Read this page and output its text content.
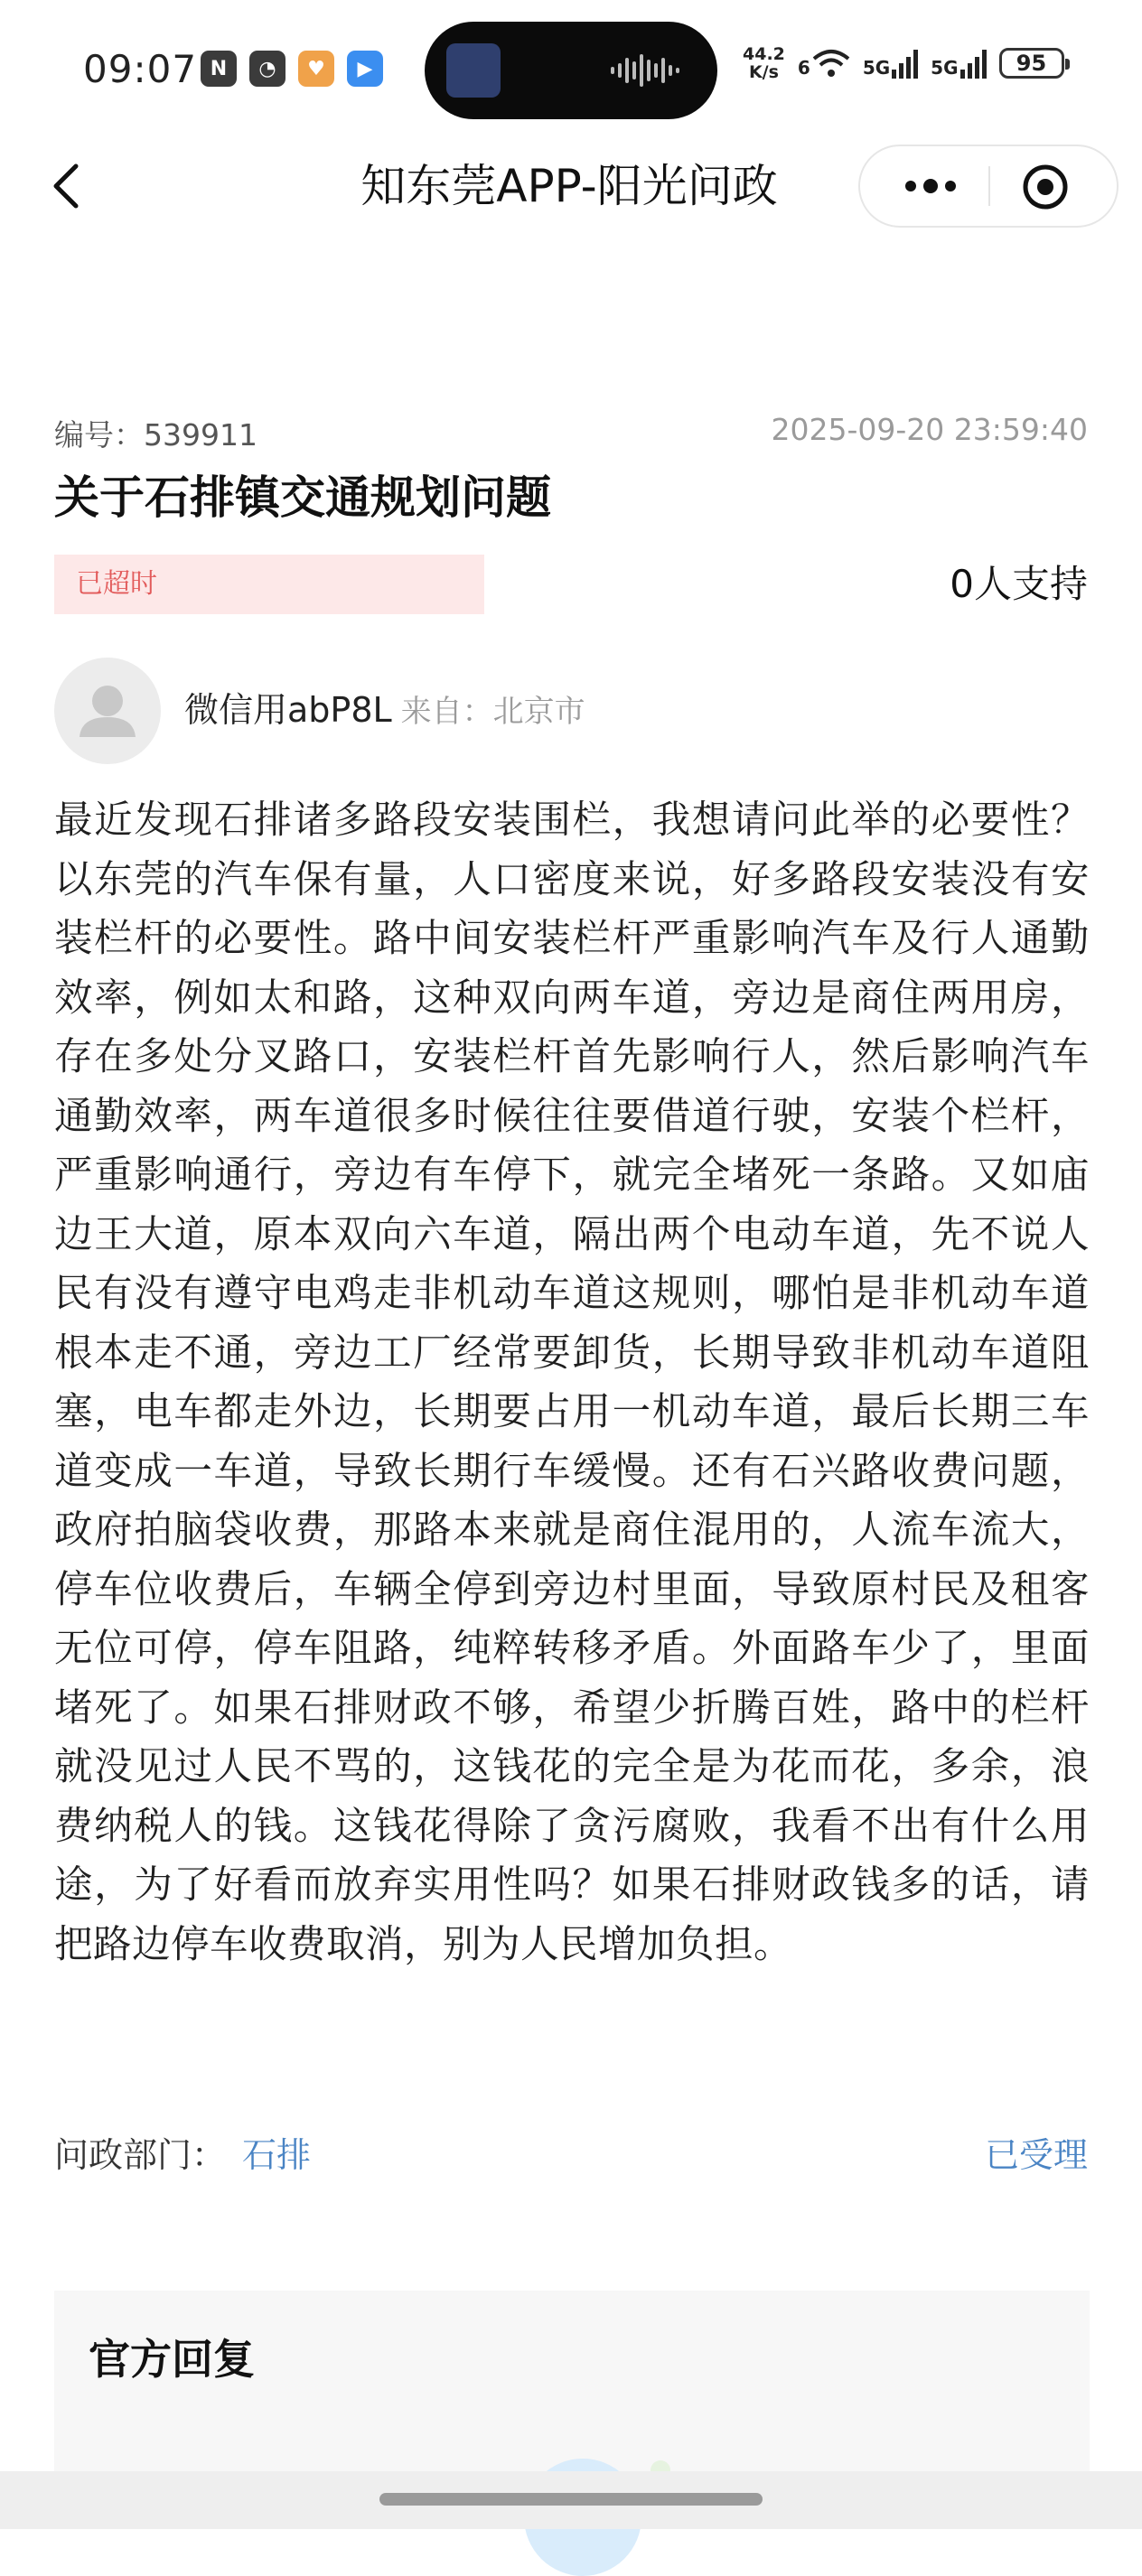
09:07 N	◔	♥	▶
44.2
K/s	6	5G 5G	95
知东莞APP-阳光问政
编号：539911	2025-09-20 23:59:40
关于石排镇交通规划问题
已超时	0人支持
微信用abP8L 来自：北京市
最近发现石排诸多路段安装围栏，我想请问此举的必要性？以东莞的汽车保有量，人口密度来说，好多路段安装没有安装栏杆的必要性。路中间安装栏杆严重影响汽车及行人通勤效率，例如太和路，这种双向两车道，旁边是商住两用房，存在多处分叉路口，安装栏杆首先影响行人，然后影响汽车通勤效率，两车道很多时候往往要借道行驶，安装个栏杆，严重影响通行，旁边有车停下，就完全堵死一条路。又如庙边王大道，原本双向六车道，隔出两个电动车道，先不说人民有没有遵守电鸡走非机动车道这规则，哪怕是非机动车道根本走不通，旁边工厂经常要卸货，长期导致非机动车道阻塞，电车都走外边，长期要占用一机动车道，最后长期三车道变成一车道，导致长期行车缓慢。还有石兴路收费问题，政府拍脑袋收费，那路本来就是商住混用的，人流车流大，停车位收费后，车辆全停到旁边村里面，导致原村民及租客无位可停，停车阻路，纯粹转移矛盾。外面路车少了，里面堵死了。如果石排财政不够，希望少折腾百姓，路中的栏杆就没见过人民不骂的，这钱花的完全是为花而花，多余，浪费纳税人的钱。这钱花得除了贪污腐败，我看不出有什么用途，为了好看而放弃实用性吗？如果石排财政钱多的话，请把路边停车收费取消，别为人民增加负担。
问政部门： 石排	已受理
官方回复
